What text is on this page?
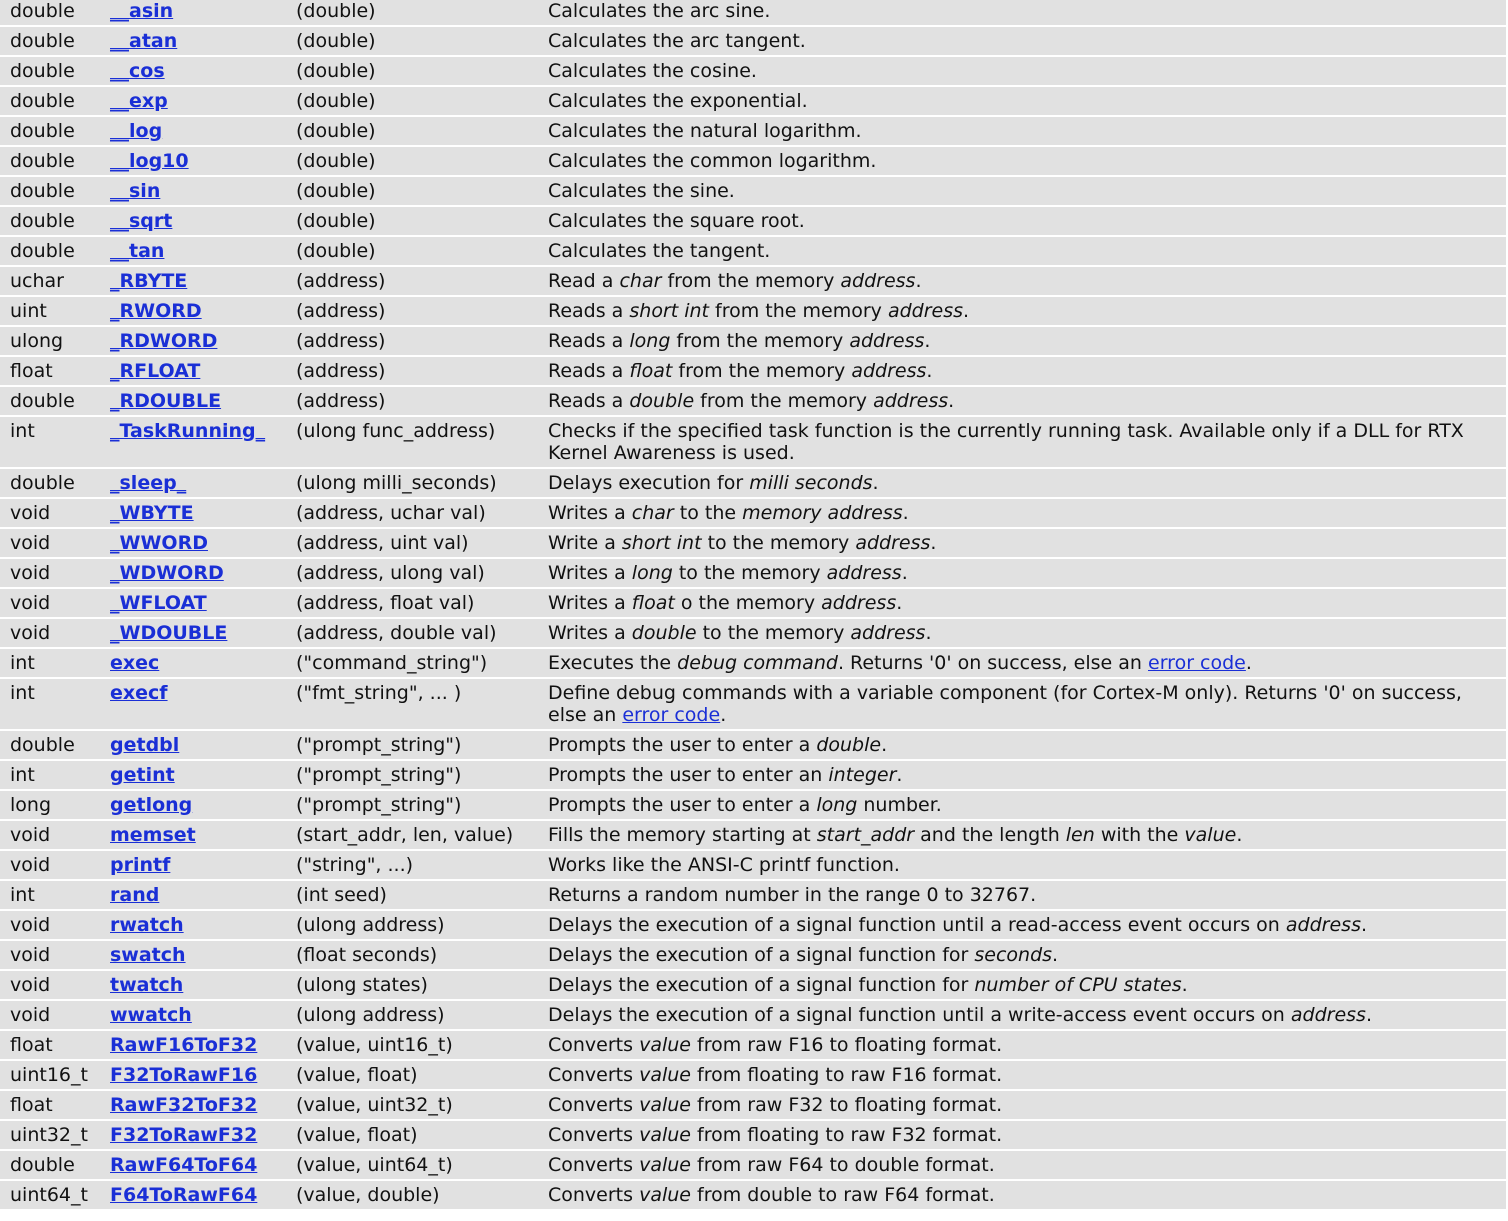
double	__asin	(double)	Calculates the arc sine.
double	__atan	(double)	Calculates the arc tangent.
double	__cos	(double)	Calculates the cosine.
double	__exp	(double)	Calculates the exponential.
double	__log	(double)	Calculates the natural logarithm.
double	__log10	(double)	Calculates the common logarithm.
double	__sin	(double)	Calculates the sine.
double	__sqrt	(double)	Calculates the square root.
double	__tan	(double)	Calculates the tangent.
uchar	_RBYTE	(address)	Read a char from the memory address.
uint	_RWORD	(address)	Reads a short int from the memory address.
ulong	_RDWORD	(address)	Reads a long from the memory address.
float	_RFLOAT	(address)	Reads a float from the memory address.
double	_RDOUBLE	(address)	Reads a double from the memory address.
int	_TaskRunning_	(ulong func_address)	Checks if the specified task function is the currently running task. Available only if a DLL for RTX Kernel Awareness is used.
double	_sleep_	(ulong milli_seconds)	Delays execution for milli seconds.
void	_WBYTE	(address, uchar val)	Writes a char to the memory address.
void	_WWORD	(address, uint val)	Write a short int to the memory address.
void	_WDWORD	(address, ulong val)	Writes a long to the memory address.
void	_WFLOAT	(address, float val)	Writes a float o the memory address.
void	_WDOUBLE	(address, double val)	Writes a double to the memory address.
int	exec	("command_string")	Executes the debug command. Returns '0' on success, else an error code.
int	execf	("fmt_string", ... )	Define debug commands with a variable component (for Cortex-M only). Returns '0' on success, else an error code.
double	getdbl	("prompt_string")	Prompts the user to enter a double.
int	getint	("prompt_string")	Prompts the user to enter an integer.
long	getlong	("prompt_string")	Prompts the user to enter a long number.
void	memset	(start_addr, len, value)	Fills the memory starting at start_addr and the length len with the value.
void	printf	("string", ...)	Works like the ANSI-C printf function.
int	rand	(int seed)	Returns a random number in the range 0 to 32767.
void	rwatch	(ulong address)	Delays the execution of a signal function until a read-access event occurs on address.
void	swatch	(float seconds)	Delays the execution of a signal function for seconds.
void	twatch	(ulong states)	Delays the execution of a signal function for number of CPU states.
void	wwatch	(ulong address)	Delays the execution of a signal function until a write-access event occurs on address.
float	RawF16ToF32	(value, uint16_t)	Converts value from raw F16 to floating format.
uint16_t	F32ToRawF16	(value, float)	Converts value from floating to raw F16 format.
float	RawF32ToF32	(value, uint32_t)	Converts value from raw F32 to floating format.
uint32_t	F32ToRawF32	(value, float)	Converts value from floating to raw F32 format.
double	RawF64ToF64	(value, uint64_t)	Converts value from raw F64 to double format.
uint64_t	F64ToRawF64	(value, double)	Converts value from double to raw F64 format.
